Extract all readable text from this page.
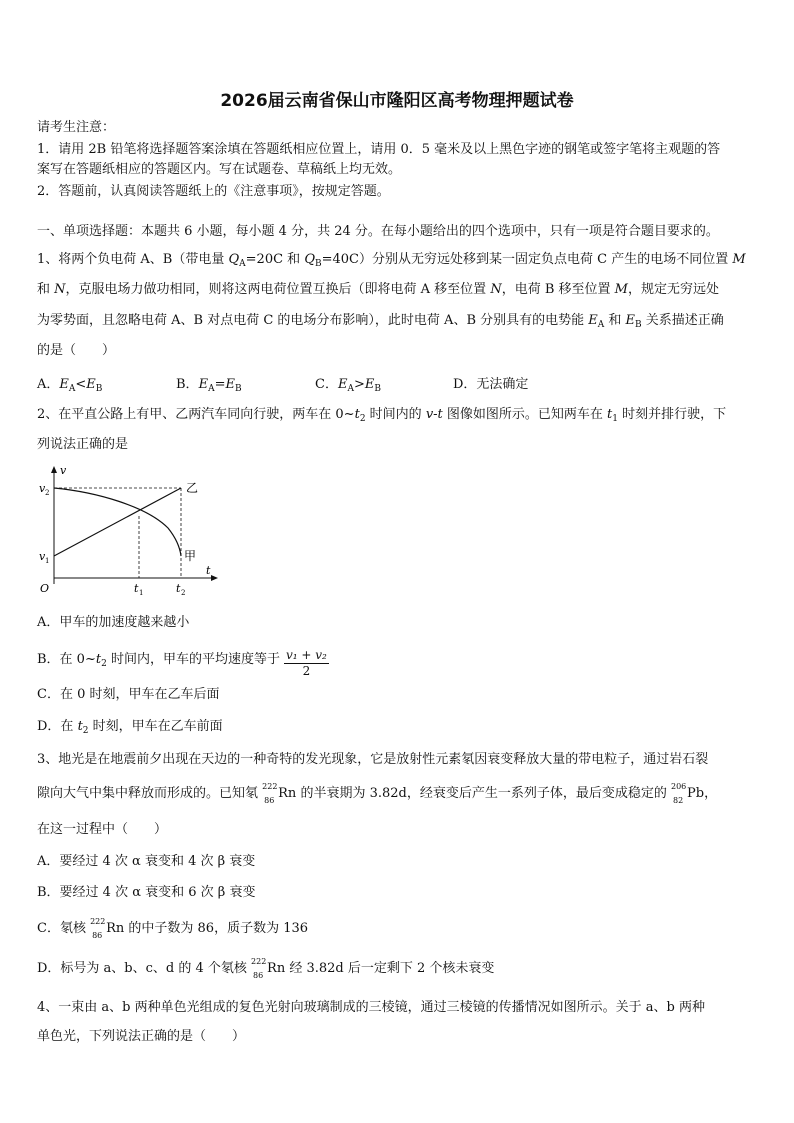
2026届云南省保山市隆阳区高考物理押题试卷
请考生注意：
1．请用 2B 铅笔将选择题答案涂填在答题纸相应位置上，请用 0．5 毫米及以上黑色字迹的钢笔或签字笔将主观题的答
案写在答题纸相应的答题区内。写在试题卷、草稿纸上均无效。
2．答题前，认真阅读答题纸上的《注意事项》，按规定答题。
一、单项选择题：本题共 6 小题，每小题 4 分，共 24 分。在每小题给出的四个选项中，只有一项是符合题目要求的。
1、将两个负电荷 A、B（带电量 $Q_A=20C$ 和 $Q_B=40C$）分别从无穷远处移到某一固定负点电荷 C 产生的电场不同位置 M
和 N，克服电场力做功相同，则将这两电荷位置互换后（即将电荷 A 移至位置 N，电荷 B 移至位置 M，规定无穷远处
为零势面，且忽略电荷 A、B 对点电荷 C 的电场分布影响），此时电荷 A、B 分别具有的电势能 $E_A$ 和 $E_B$ 关系描述正确
的是（　　）
A．$E_A<E_B$	B．$E_A=E_B$	C．$E_A>E_B$	D．无法确定
2、在平直公路上有甲、乙两汽车同向行驶，两车在 $0\sim t_2$ 时间内的 v-t 图像如图所示。已知两车在 $t_1$ 时刻并排行驶，下
列说法正确的是
v
t
O
v 2
v 1
t 1	t 2
乙
甲
A．甲车的加速度越来越小
B．在 $0\sim t_2$ 时间内，甲车的平均速度等于 $\frac{\text{v₁ + v₂}}{2}$
C．在 0 时刻，甲车在乙车后面
D．在 $t_2$ 时刻，甲车在乙车前面
3、地光是在地震前夕出现在天边的一种奇特的发光现象，它是放射性元素氡因衰变释放大量的带电粒子，通过岩石裂
隙向大气中集中释放而形成的。已知氡 222
86 Rn 的半衰期为 3.82d，经衰变后产生一系列子体，最后变成稳定的 206
82 Pb，
在这一过程中（　　）
A．要经过 4 次 α 衰变和 4 次 β 衰变
B．要经过 4 次 α 衰变和 6 次 β 衰变
C．氡核 222
86 Rn 的中子数为 86，质子数为 136
D．标号为 a、b、c、d 的 4 个氡核 222
86 Rn 经 3.82d 后一定剩下 2 个核未衰变
4、一束由 a、b 两种单色光组成的复色光射向玻璃制成的三棱镜，通过三棱镜的传播情况如图所示。关于 a、b 两种
单色光，下列说法正确的是（　　）
